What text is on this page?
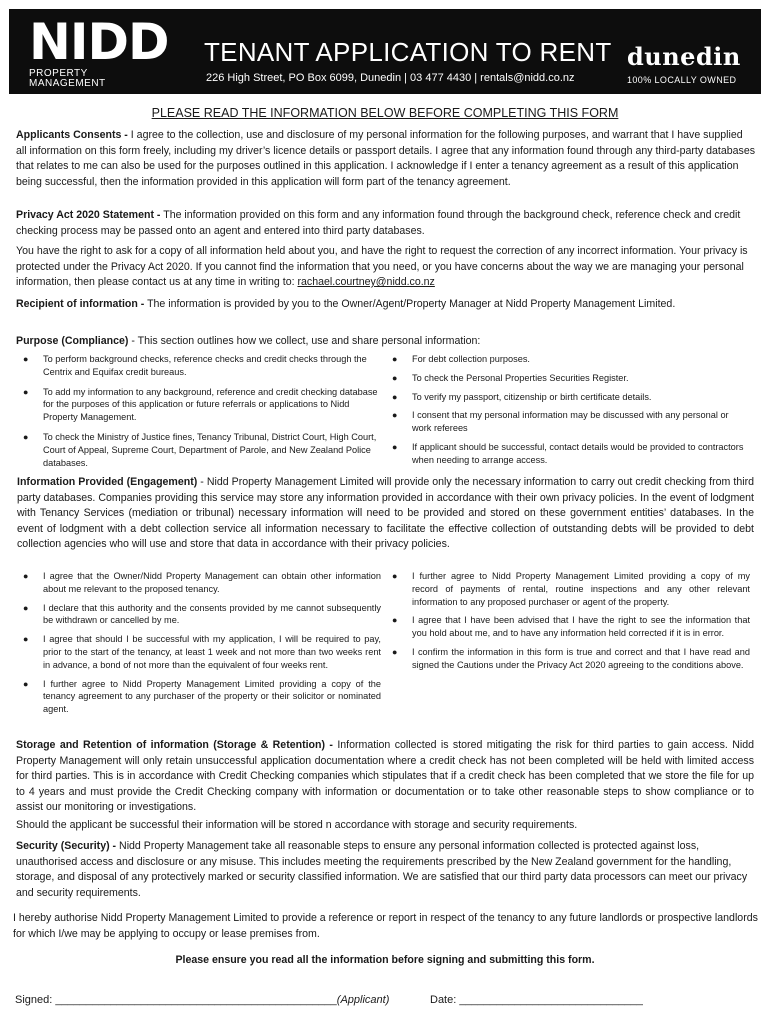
NIDD
PROPERTY
MANAGEMENT
TENANT APPLICATION TO RENT
226 High Street, PO Box 6099, Dunedin | 03 477 4430 | rentals@nidd.co.nz
dunedin
100% LOCALLY OWNED
PLEASE READ THE INFORMATION BELOW BEFORE COMPLETING THIS FORM

Applicants Consents - I agree to the collection, use and disclosure of my personal information for the following purposes, and warrant that I have supplied all information on this form freely, including my driver’s licence details or passport details. I agree that any information found through any third-party databases that relates to me can also be used for the purposes outlined in this application. I acknowledge if I enter a tenancy agreement as a result of this application being successful, then the information provided in this application will form part of the tenancy agreement.

Privacy Act 2020 Statement - The information provided on this form and any information found through the background check, reference check and credit checking process may be passed onto an agent and entered into third party databases.

You have the right to ask for a copy of all information held about you, and have the right to request the correction of any incorrect information. Your privacy is protected under the Privacy Act 2020. If you cannot find the information that you need, or you have concerns about the way we are managing your personal information, then please contact us at any time in writing to: rachael.courtney@nidd.co.nz

Recipient of information - The information is provided by you to the Owner/Agent/Property Manager at Nidd Property Management Limited.

Purpose (Compliance) - This section outlines how we collect, use and share personal information:

● To perform background checks, reference checks and credit checks through the Centrix and Equifax credit bureaus.
● To add my information to any background, reference and credit checking database for the purposes of this application or future referrals or applications to Nidd Property Management.
● To check the Ministry of Justice fines, Tenancy Tribunal, District Court, High Court, Court of Appeal, Supreme Court, Department of Parole, and New Zealand Police databases.
● For debt collection purposes.
● To check the Personal Properties Securities Register.
● To verify my passport, citizenship or birth certificate details.
● I consent that my personal information may be discussed with any personal or work referees
● If applicant should be successful, contact details would be provided to contractors when needing to arrange access.

Information Provided (Engagement) - Nidd Property Management Limited will provide only the necessary information to carry out credit checking from third party databases. Companies providing this service may store any information provided in accordance with their own privacy policies. In the event of lodgment with Tenancy Services (mediation or tribunal) necessary information will need to be provided and stored on these government entities’ databases. In the event of lodgment with a debt collection service all information necessary to facilitate the effective collection of outstanding debts will be provided to debt collection agencies who will use and store that data in accordance with their privacy policies.

● I agree that the Owner/Nidd Property Management can obtain other information about me relevant to the proposed tenancy.
● I declare that this authority and the consents provided by me cannot subsequently be withdrawn or cancelled by me.
● I agree that should I be successful with my application, I will be required to pay, prior to the start of the tenancy, at least 1 week and not more than two weeks rent in advance, a bond of not more than the equivalent of four weeks rent.
● I further agree to Nidd Property Management Limited providing a copy of the tenancy agreement to any purchaser of the property or their solicitor or nominated agent.
● I further agree to Nidd Property Management Limited providing a copy of my record of payments of rental, routine inspections and any other relevant information to any proposed purchaser or agent of the property.
● I agree that I have been advised that I have the right to see the information that you hold about me, and to have any information held corrected if it is in error.
● I confirm the information in this form is true and correct and that I have read and signed the Cautions under the Privacy Act 2020 agreeing to the conditions above.

Storage and Retention of information (Storage & Retention) - Information collected is stored mitigating the risk for third parties to gain access. Nidd Property Management will only retain unsuccessful application documentation where a credit check has not been completed will be held with limited access for third parties. This is in accordance with Credit Checking companies which stipulates that if a credit check has been completed that we store the file for up to 4 years and must provide the Credit Checking company with information or documentation or to take other reasonable steps to show compliance or to assist our monitoring or investigations.

Should the applicant be successful their information will be stored n accordance with storage and security requirements.

Security (Security) - Nidd Property Management take all reasonable steps to ensure any personal information collected is protected against loss, unauthorised access and disclosure or any misuse. This includes meeting the requirements prescribed by the New Zealand government for the handling, storage, and disposal of any protectively marked or security classified information. We are satisfied that our third party data processors can meet our privacy and security requirements.

I hereby authorise Nidd Property Management Limited to provide a reference or report in respect of the tenancy to any future landlords or prospective landlords for which I/we may be applying to occupy or lease premises from.

Please ensure you read all the information before signing and submitting this form.

Signed: ______________________________________________(Applicant)	Date: ______________________________
